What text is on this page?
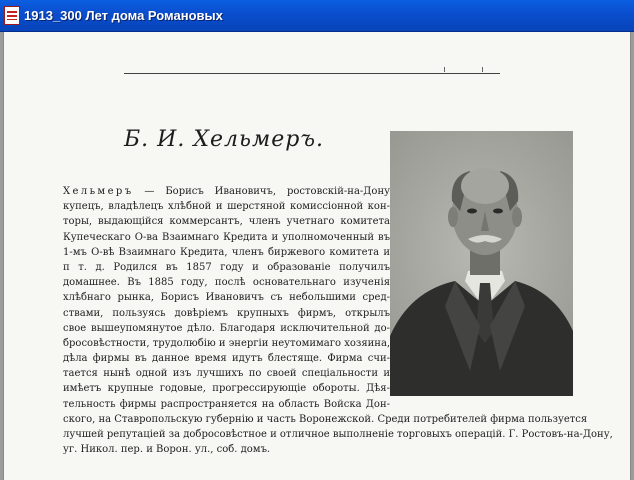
1913_300 Лет дома Романовых
Б. И. Хельмеръ.
Хельмеръ — Борисъ Ивановичъ, ростовскій-на-Дону
купецъ, владѣлецъ хлѣбной и шерстяной комиссіонной кон-
торы, выдающійся коммерсантъ, членъ учетнаго комитета
Купеческаго О-ва Взаимнаго Кредита и уполномоченный въ
1-мъ О-вѣ Взаимнаго Кредита, членъ биржевого комитета и
п т. д. Родился въ 1857 году и образованіе получилъ
домашнее. Въ 1885 году, послѣ основательнаго изученія
хлѣбнаго рынка, Борисъ Ивановичъ съ небольшими сред-
ствами, пользуясь довѣріемъ крупныхъ фирмъ, открылъ
свое вышеупомянутое дѣло. Благодаря исключительной до-
бросовѣстности, трудолюбію и энергіи неутомимаго хозяина,
дѣла фирмы въ данное время идутъ блестяще. Фирма счи-
тается нынѣ одной изъ лучшихъ по своей спеціальности и
имѣетъ крупные годовые, прогрессирующіе обороты. Дѣя-
тельность фирмы распространяется на область Войска Дон-
ского, на Ставропольскую губернію и часть Воронежской. Среди потребителей фирма пользуется
лучшей репутаціей за добросовѣстное и отличное выполненіе торговыхъ операцій. Г. Ростовъ-на-Дону,
уг. Никол. пер. и Ворон. ул., соб. домъ.
